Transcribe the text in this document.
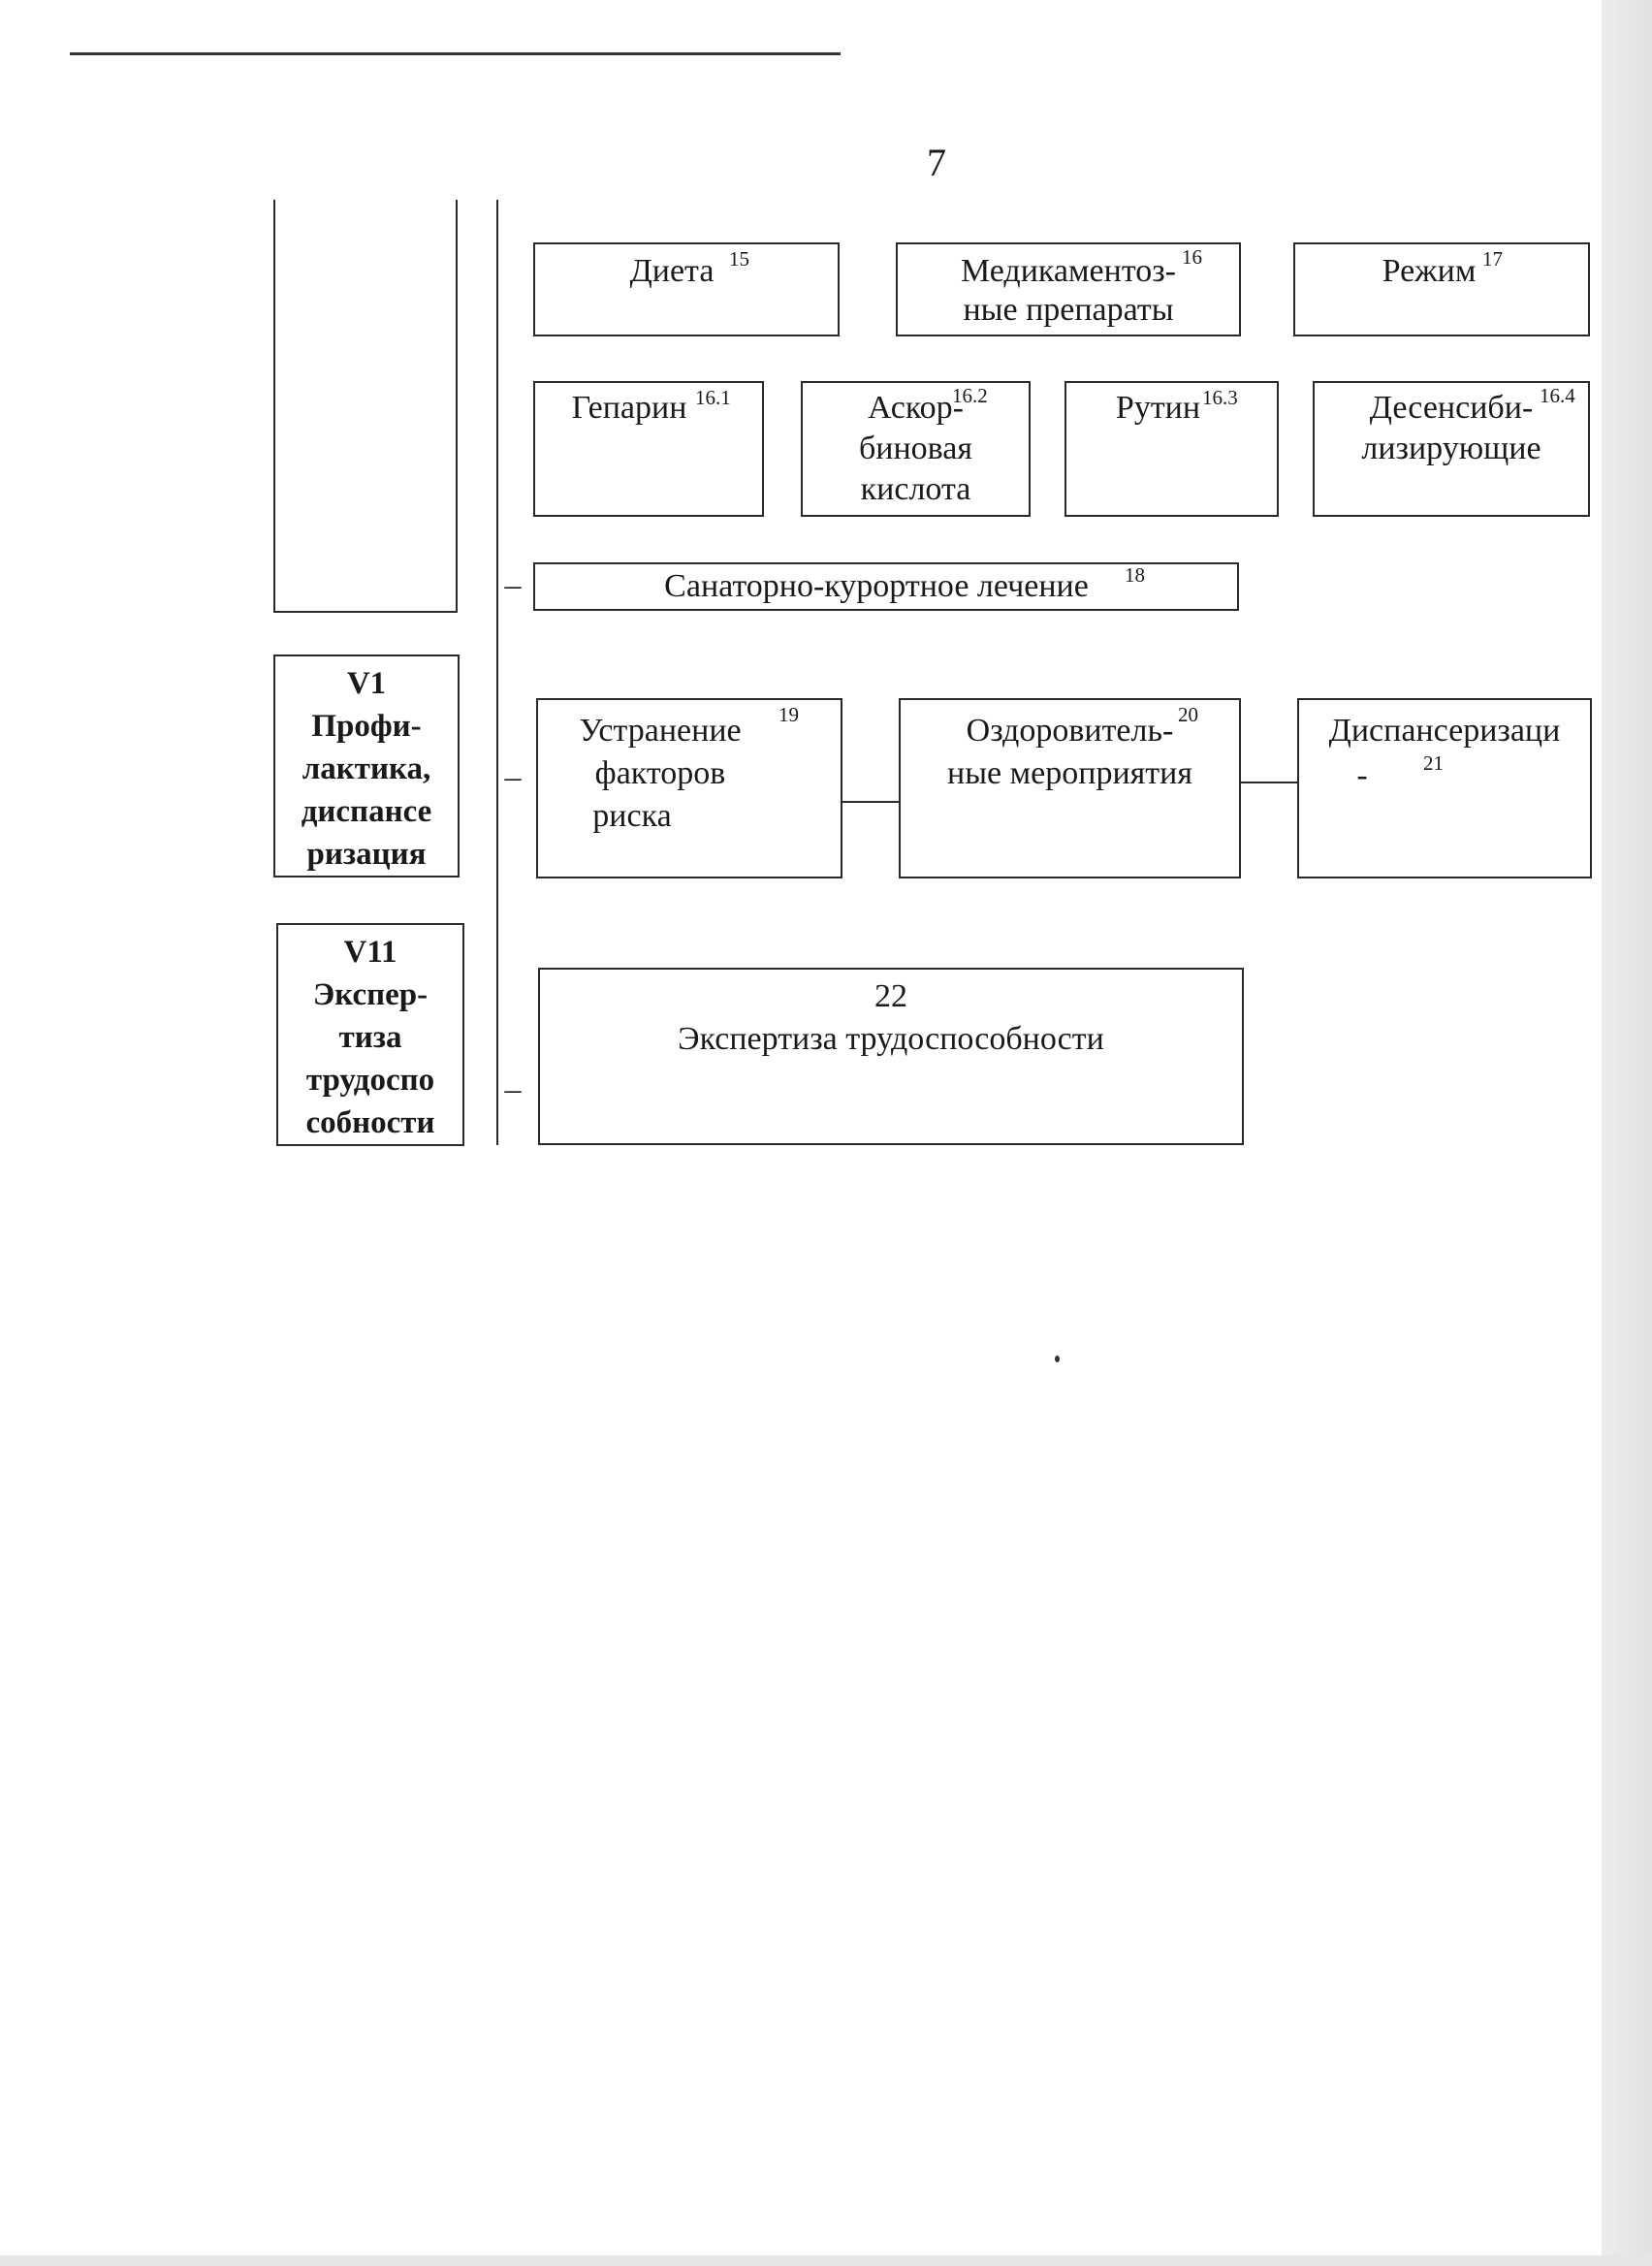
7
Диета 15	Медикаментоз-
ные препараты
16	Режим 17
Гепарин 16.1	Аскор-
биновая
кислота
16.2	Рутин 16.3	Десенсиби-
лизирующие
16.4
–	Санаторно-курортное лечение	18
V1
Профи-
лактика,
диспансе
ризация
–
Устранение
факторов
риска
19	Оздоровитель-
ные мероприятия
20	Диспансеризаци
-	21
V11
Экспер-
тиза
трудоспо
собности
–
22
Экспертиза трудоспособности
